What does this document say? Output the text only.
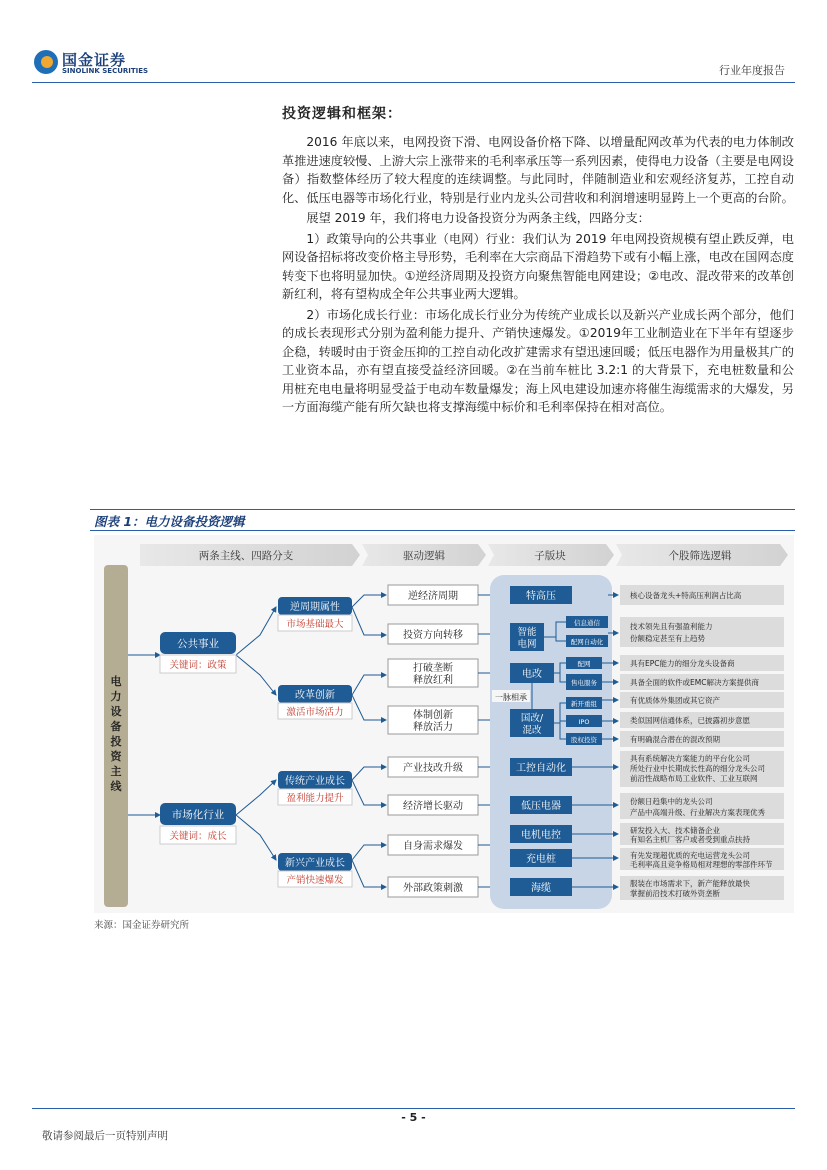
国金证券
SINOLINK SECURITIES	行业年度报告
投资逻辑和框架：

2016 年底以来，电网投资下滑、电网设备价格下降、以增量配网改革为代表的电力体制改革推进速度较慢、上游大宗上涨带来的毛利率承压等一系列因素，使得电力设备（主要是电网设备）指数整体经历了较大程度的连续调整。与此同时，伴随制造业和宏观经济复苏，工控自动化、低压电器等市场化行业，特别是行业内龙头公司营收和利润增速明显跨上一个更高的台阶。

展望 2019 年，我们将电力设备投资分为两条主线，四路分支：

1）政策导向的公共事业（电网）行业：我们认为 2019 年电网投资规模有望止跌反弹，电网设备招标将改变价格主导形势，毛利率在大宗商品下滑趋势下或有小幅上涨，电改在国网态度转变下也将明显加快。①逆经济周期及投资方向聚焦智能电网建设；②电改、混改带来的改革创新红利，将有望构成全年公共事业两大逻辑。

2）市场化成长行业：市场化成长行业分为传统产业成长以及新兴产业成长两个部分，他们的成长表现形式分别为盈利能力提升、产销快速爆发。①2019年工业制造业在下半年有望逐步企稳，转暖时由于资金压抑的工控自动化改扩建需求有望迅速回暖；低压电器作为用量极其广的工业资本品，亦有望直接受益经济回暖。②在当前车桩比 3.2:1 的大背景下，充电桩数量和公用桩充电电量将明显受益于电动车数量爆发；海上风电建设加速亦将催生海缆需求的大爆发，另一方面海缆产能有所欠缺也将支撑海缆中标价和毛利率保持在相对高位。

图表 1：电力设备投资逻辑
两条主线、四路分支	驱动逻辑	子版块	个股筛选逻辑
电
力
设
备
投
资
主
线
公共事业
关键词：政策
市场化行业
关键词：成长
逆周期属性
市场基础最大
改革创新
激活市场活力
传统产业成长
盈利能力提升
新兴产业成长
产销快速爆发
逆经济周期
投资方向转移
打破垄断
释放红利
体制创新
释放活力
产业技改升级
经济增长驱动
自身需求爆发
外部政策刺激
特高压
智能
电网
信息通信
配网自动化
电改
配网
售电服务
国改/
混改
新开重组
IPO
股权投资
工控自动化
低压电器
电机电控
充电桩
海缆
一脉相承
核心设备龙头+特高压利润占比高
技术领先且有强盈利能力
份额稳定甚至有上趋势
具有EPC能力的细分龙头设备商
具备全面的软件或EMC解决方案提供商
有优质体外集团或其它资产
类似国网信通体系，已披露初步意愿
有明确混合潜在的混改预期
具有系统解决方案能力的平台化公司
所处行业中长期成长性高的细分龙头公司
前沿性战略布局工业软件、工业互联网
份额日趋集中的龙头公司
产品中高端升级、行业解决方案表现优秀
研发投入大、技术储备企业
有知名主机厂客户或者受到重点扶持
有先发现超优质的充电运营龙头公司
毛利率高且竞争格局相对理想的零部件环节
服装在市场需求下，新产能释放最快
掌握前沿技术打破外资垄断
来源：国金证券研究所
- 5 -
敬请参阅最后一页特别声明
